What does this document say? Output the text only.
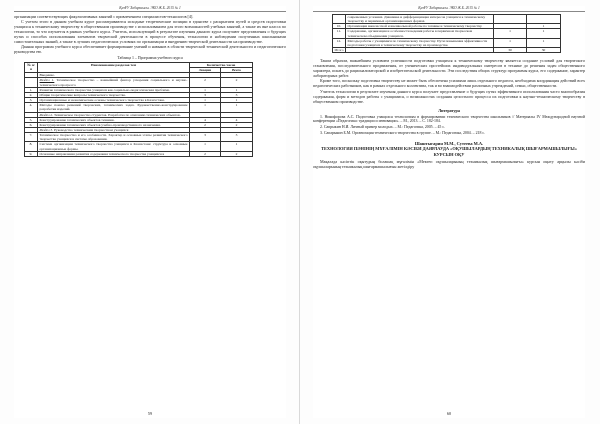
ҚазҰУ Хабаршысы. ЭКО Ж.Б. 2015 № 1

организации соответствующих факультативных занятий с привлечением специалистов-технологов [4].

С учетом этого в данном учебном курсе рассматриваются исходные теоретические позиции в единстве с раскрытием путей и средств подготовки учащихся к техническому творчеству в общественном производстве с использованием для этого возможностей учебных занятий, а также их вне класса по технологии, то что изучается в рамках учебного курса. Учитель, использующий в результате изучения данного курса получают представления о будущих путях и способах использования элементов творческой деятельности в процессе обучения, технологии и наблюдении полученных школьниками самостоятельных знаний, а также в лучших педагогических условиях по организации и внедрению творческой деятельности на производстве.

Данная программа учебного курса обеспечивает формирование умений и навыков в области творческой технической деятельности и педагогического руководства ею.

Таблица 1 – Программа учебного курса
№ п/п	Наименование разделов тем	Количество часов	
		Лекции	Всего
	Введение.		
	Раздел 1. Техническое творчество – важнейший фактор ускорения социального и научно-технического прогресса	2	2
1.	Развитие технического творчества учащихся как социально-педагогическая проблема.	1	1
2.	Общие теоретические вопросы технического творчества.	3	3
3.	Организационные и экономические основы технического творчества в Казахстане.	1	1
4.	Методы поиска решений творческих, технических задач. Художественно-конструирование разработки изделий.	1	1
	Раздел 2. Техническое творчество студентов. Разработка по описанию технических объектов.		
5.	Конструирование технических объектов техники.	4	4
6.	Конструирование технических объектов учебно-производственного назначения.	2	2
	Раздел 3. Руководство техническим творчеством учащихся		
7.	Техническое творчество и его особенности. Характер и основные этапы развития технического творчества учащихся в системе образования.	3	3
8.	Система организации технического творчества учащихся в Казахстане: структура и основные организационные формы.	1	1
9.	Основные направления развития содержания технического творчества учащихся в	2	2
59
ҚазҰУ Хабаршысы. ЭКО Ж.Б. 2015 № 1
	современных условиях. Динамика и дифференциация интересов учащихся к техническому творчеству и первичных организационных формах.		
10.	Организация внеклассной и внешкольной работы по технике и техническому творчеству.		1
11.	Содержание, организация и особенности ведения работы в первичном творческом техническом объединении учащихся.	1	1
12.	Методы работы с учащимися по техническому творчеству. Пути повышения эффективности подготовки учащихся к техническому творчеству на производстве.	1	1
Итого		30	30

Таким образом, важнейшим условием успешности подготовки учащихся к техническому творчеству является создание условий для творческого становления, последовательного продвижения, от ученических простейших индивидуальных интересов в технике до решения задач общественного характера, искать до рационализаторской и изобретательской деятельности. Эти последствия общих структур программы курса, его содержание, характер лабораторных работ.

Кроме того, поскольку подготовка творчеству не может быть обеспечена усилиями лишь отдельного педагога, необходима координация действий всех педагогических работников, как в рамках отдельного коллектива, так и во взаимодействии различных учреждений, семьи, общественности.

Учитель технологии в результате изучения данного курса получает представление о будущих путях эффективного использования часто многообразия содержания, форм и методов работы с учащимися, о возможностях создания целостного процесса их подготовки к научно-техническому творчеству в общественном производстве.

Литература

1. Никифорова А.С. Подготовка учащихся технологиям в формировании технического творчества школьников // Материалы IV Международной научной конференции «Педагогика: традиции и инновации». – М., 2013. – С. 182-184.

2. Сапрыкин Н.И. Личный пример молодых. – М.: Педагогика, 2005. – 45 с.

3. Сапарыкин Б.М. Организация технического творчества в группе. – М.: Педагогика, 2004. – 218 с.

Шаштыгарин М.М., Сутеева М.А.
ТЕХНОЛОГИЯ ПӘНІНІҢ МҰҒАЛІМІН КӘСІБИ ДАЯРЛАУДА «ОҚУШЫЛАРДЫҢ ТЕХНИКАЛЫҚ ШЫҒАРМАШЫЛЫҒЫ» КУРСЫН ОҚУ

Мақалада кәсіптік оқытудың болашақ мұғалімін «Мектеп оқушыларының техникалық шығармашылығы» курсын оқыту арқылы кәсіби оқушыларының техникалық шығармашылығын жетілдіру

60
